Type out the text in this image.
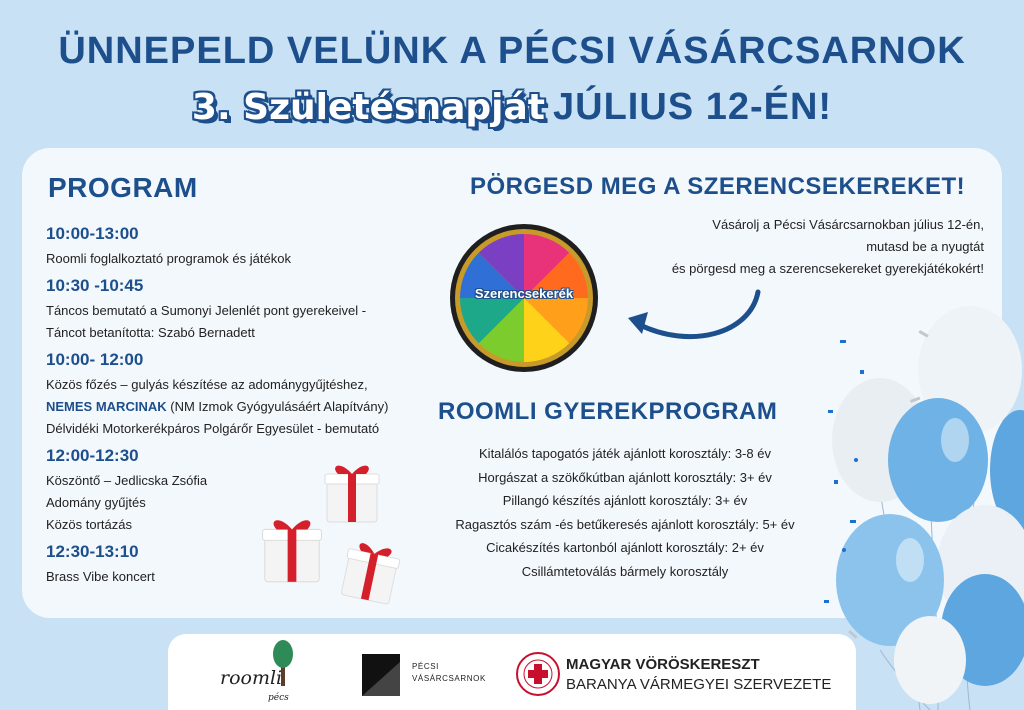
ÜNNEPELD VELÜNK A PÉCSI VÁSÁRCSARNOK
3. Születésnapját JÚLIUS 12-ÉN!
PROGRAM
10:00-13:00
Roomli foglalkoztató programok és játékok
10:30 -10:45
Táncos bemutató a Sumonyi Jelenlét pont gyerekeivel -
Táncot betanította: Szabó Bernadett
10:00- 12:00
Közös főzés – gulyás készítése az adománygyűjtéshez,
NEMES MARCINAK (NM Izmok Gyógyulásáért Alapítvány)
Délvidéki Motorkerékpáros Polgárőr Egyesület - bemutató
12:00-12:30
Köszöntő – Jedlicska Zsófia
Adomány gyűjtés
Közös tortázás
12:30-13:10
Brass Vibe koncert
PÖRGESD MEG A SZERENCSEKEREKET!
Vásárolj a Pécsi Vásárcsarnokban július 12-én,
mutasd be a nyugtát
és pörgesd meg a szerencsekereket gyerekjátékokért!
Szerencsekerék
ROOMLI GYEREKPROGRAM
Kitalálós tapogatós játék ajánlott korosztály: 3-8 év
Horgászat a szökőkútban ajánlott korosztály: 3+ év
Pillangó készítés ajánlott korosztály: 3+ év
Ragasztós szám -és betűkeresés ajánlott korosztály: 5+ év
Cicakészítés kartonból ajánlott korosztály: 2+ év
Csillámtetoválás bármely korosztály
roomli
pécs
PÉCSI
VÁSÁRCSARNOK
MAGYAR VÖRÖSKERESZT
BARANYA VÁRMEGYEI SZERVEZETE
